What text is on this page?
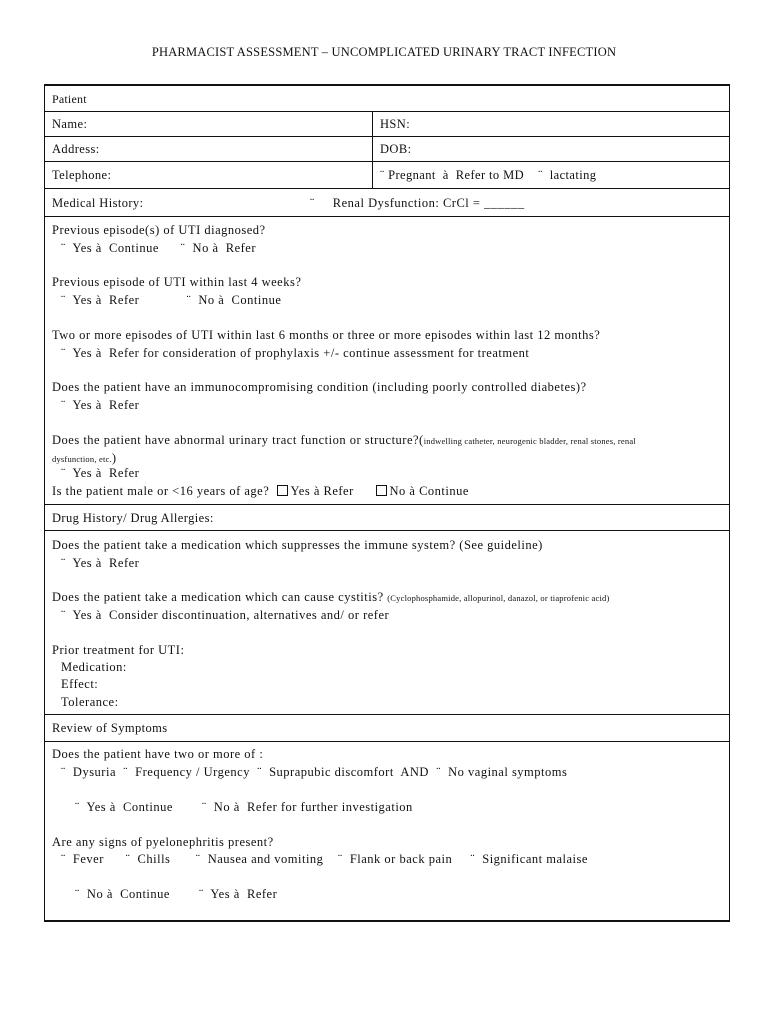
PHARMACIST ASSESSMENT – UNCOMPLICATED URINARY TRACT INFECTION
Patient
Name:	HSN:
Address:	DOB:
Telephone:	¨ Pregnant  à  Refer to MD    ¨  lactating
Medical History:	¨     Renal Dysfunction: CrCl = ______
Previous episode(s) of UTI diagnosed?
¨  Yes à  Continue      ¨  No à  Refer
Previous episode of UTI within last 4 weeks?
¨  Yes à  Refer             ¨  No à  Continue
Two or more episodes of UTI within last 6 months or three or more episodes within last 12 months?
¨  Yes à  Refer for consideration of prophylaxis +/- continue assessment for treatment
Does the patient have an immunocompromising condition (including poorly controlled diabetes)?
¨  Yes à  Refer
Does the patient have abnormal urinary tract function or structure?(indwelling catheter, neurogenic bladder, renal stones, renal
dysfunction, etc.)
¨  Yes à  Refer
Is the patient male or <16 years of age? Yes à Refer	No à Continue
Drug History/ Drug Allergies:
Does the patient take a medication which suppresses the immune system? (See guideline)
¨  Yes à  Refer
Does the patient take a medication which can cause cystitis? (Cyclophosphamide, allopurinol, danazol, or tiaprofenic acid)
¨  Yes à  Consider discontinuation, alternatives and/ or refer
Prior treatment for UTI:
Medication:
Effect:
Tolerance:
Review of Symptoms
Does the patient have two or more of :
¨  Dysuria  ¨  Frequency / Urgency  ¨  Suprapubic discomfort  AND  ¨  No vaginal symptoms
¨  Yes à  Continue        ¨  No à  Refer for further investigation
Are any signs of pyelonephritis present?
¨  Fever      ¨  Chills       ¨  Nausea and vomiting    ¨  Flank or back pain     ¨  Significant malaise
¨  No à  Continue        ¨  Yes à  Refer
